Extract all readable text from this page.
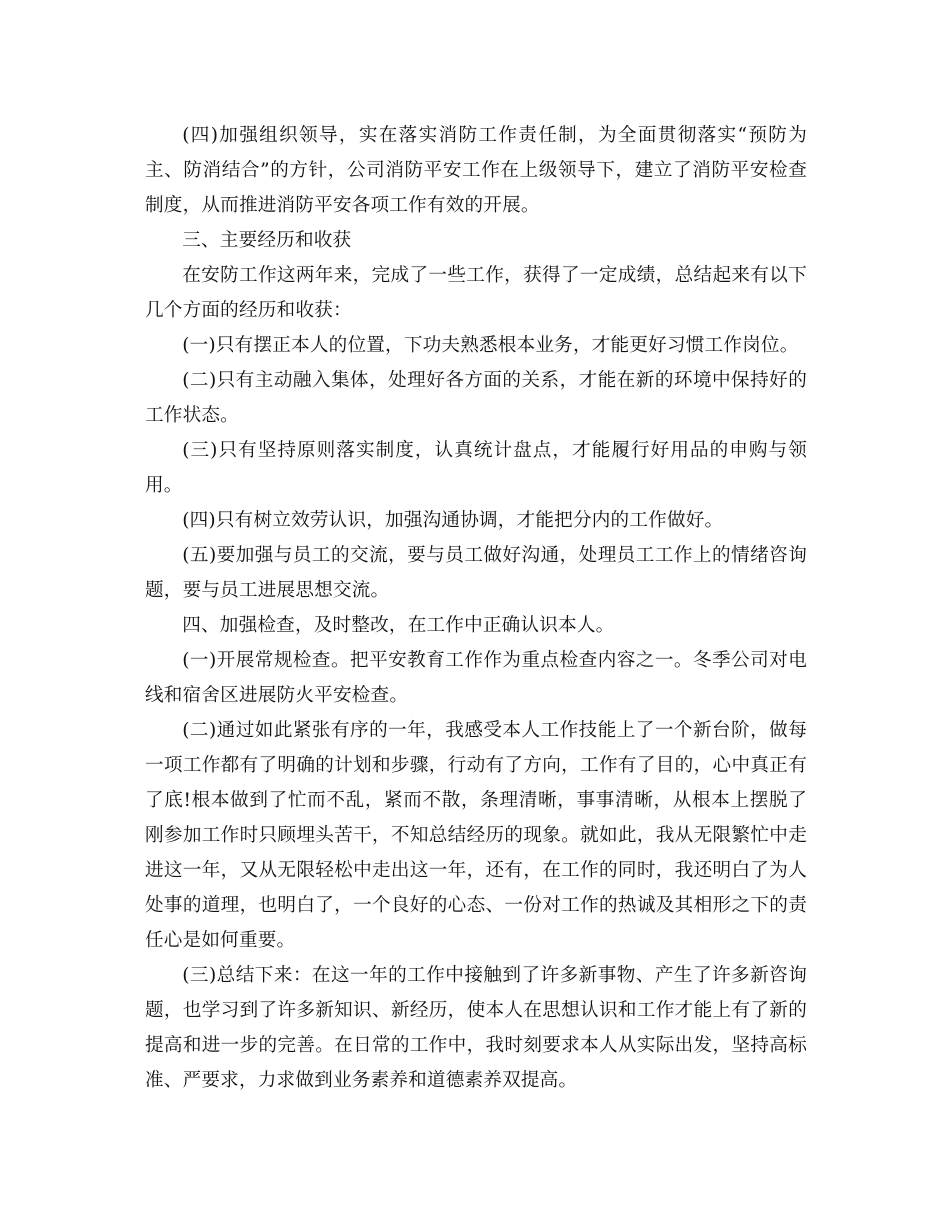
(四)加强组织领导，实在落实消防工作责任制，为全面贯彻落实“预防为主、防消结合”的方针，公司消防平安工作在上级领导下，建立了消防平安检查制度，从而推进消防平安各项工作有效的开展。

三、主要经历和收获

在安防工作这两年来，完成了一些工作，获得了一定成绩，总结起来有以下几个方面的经历和收获：

(一)只有摆正本人的位置，下功夫熟悉根本业务，才能更好习惯工作岗位。

(二)只有主动融入集体，处理好各方面的关系，才能在新的环境中保持好的工作状态。

(三)只有坚持原则落实制度，认真统计盘点，才能履行好用品的申购与领用。

(四)只有树立效劳认识，加强沟通协调，才能把分内的工作做好。

(五)要加强与员工的交流，要与员工做好沟通，处理员工工作上的情绪咨询题，要与员工进展思想交流。

四、加强检查，及时整改，在工作中正确认识本人。

(一)开展常规检查。把平安教育工作作为重点检查内容之一。冬季公司对电线和宿舍区进展防火平安检查。

(二)通过如此紧张有序的一年，我感受本人工作技能上了一个新台阶，做每一项工作都有了明确的计划和步骤，行动有了方向，工作有了目的，心中真正有了底!根本做到了忙而不乱，紧而不散，条理清晰，事事清晰，从根本上摆脱了刚参加工作时只顾埋头苦干，不知总结经历的现象。就如此，我从无限繁忙中走进这一年，又从无限轻松中走出这一年，还有，在工作的同时，我还明白了为人处事的道理，也明白了，一个良好的心态、一份对工作的热诚及其相形之下的责任心是如何重要。

(三)总结下来：在这一年的工作中接触到了许多新事物、产生了许多新咨询题，也学习到了许多新知识、新经历，使本人在思想认识和工作才能上有了新的提高和进一步的完善。在日常的工作中，我时刻要求本人从实际出发，坚持高标准、严要求，力求做到业务素养和道德素养双提高。
